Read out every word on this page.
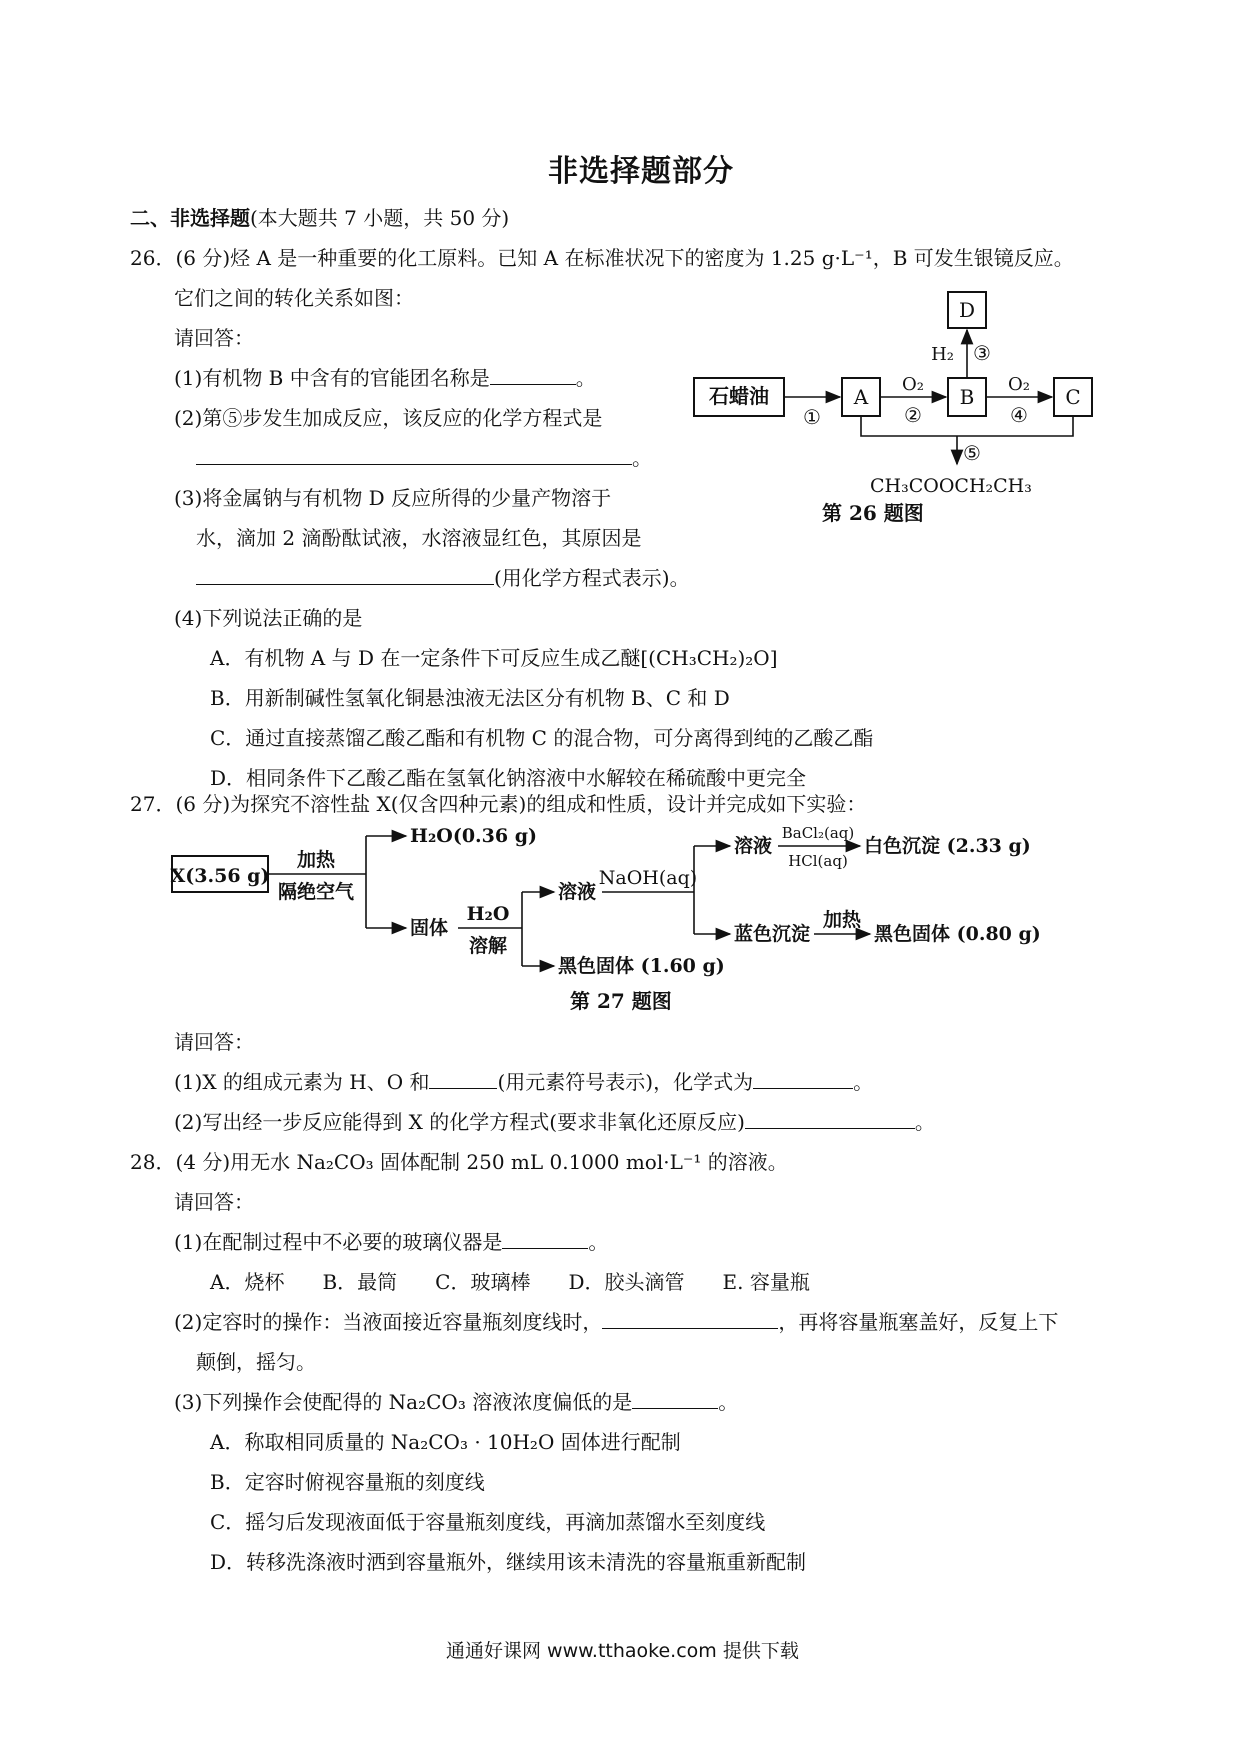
非选择题部分
二、非选择题(本大题共 7 小题，共 50 分)
26．(6 分)烃 A 是一种重要的化工原料。已知 A 在标准状况下的密度为 1.25 g·L⁻¹，B 可发生银镜反应。
它们之间的转化关系如图：
请回答：
(1)有机物 B 中含有的官能团名称是	。
(2)第⑤步发生加成反应，该反应的化学方程式是
。
(3)将金属钠与有机物 D 反应所得的少量产物溶于
水，滴加 2 滴酚酞试液，水溶液显红色，其原因是
(用化学方程式表示)。
(4)下列说法正确的是
A．有机物 A 与 D 在一定条件下可反应生成乙醚[(CH₃CH₂)₂O]
B．用新制碱性氢氧化铜悬浊液无法区分有机物 B、C 和 D
C．通过直接蒸馏乙酸乙酯和有机物 C 的混合物，可分离得到纯的乙酸乙酯
D．相同条件下乙酸乙酯在氢氧化钠溶液中水解较在稀硫酸中更完全
石蜡油	A	B	C
D
①
O₂
②
O₂
④
H₂ ③
⑤
CH₃COOCH₂CH₃
第 26 题图
27．(6 分)为探究不溶性盐 X(仅含四种元素)的组成和性质，设计并完成如下实验：
X(3.56 g)
加热
隔绝空气
H₂O(0.36 g)
固体
H₂O
溶解
溶液
黑色固体 (1.60 g)
NaOH(aq)
溶液
BaCl₂(aq)
HCl(aq)
白色沉淀 (2.33 g)
蓝色沉淀
加热
黑色固体 (0.80 g)
第 27 题图
请回答：
(1)X 的组成元素为 H、O 和	(用元素符号表示)，化学式为	。
(2)写出经一步反应能得到 X 的化学方程式(要求非氧化还原反应)	。
28．(4 分)用无水 Na₂CO₃ 固体配制 250 mL 0.1000 mol·L⁻¹ 的溶液。
请回答：
(1)在配制过程中不必要的玻璃仪器是	。
A．烧杯 B．最筒 C．玻璃棒 D．胶头滴管 E. 容量瓶
(2)定容时的操作：当液面接近容量瓶刻度线时，	，再将容量瓶塞盖好，反复上下
颠倒，摇匀。
(3)下列操作会使配得的 Na₂CO₃ 溶液浓度偏低的是	。
A．称取相同质量的 Na₂CO₃ · 10H₂O 固体进行配制
B．定容时俯视容量瓶的刻度线
C．摇匀后发现液面低于容量瓶刻度线，再滴加蒸馏水至刻度线
D．转移洗涤液时洒到容量瓶外，继续用该未清洗的容量瓶重新配制
通通好课网 www.tthaoke.com 提供下载
